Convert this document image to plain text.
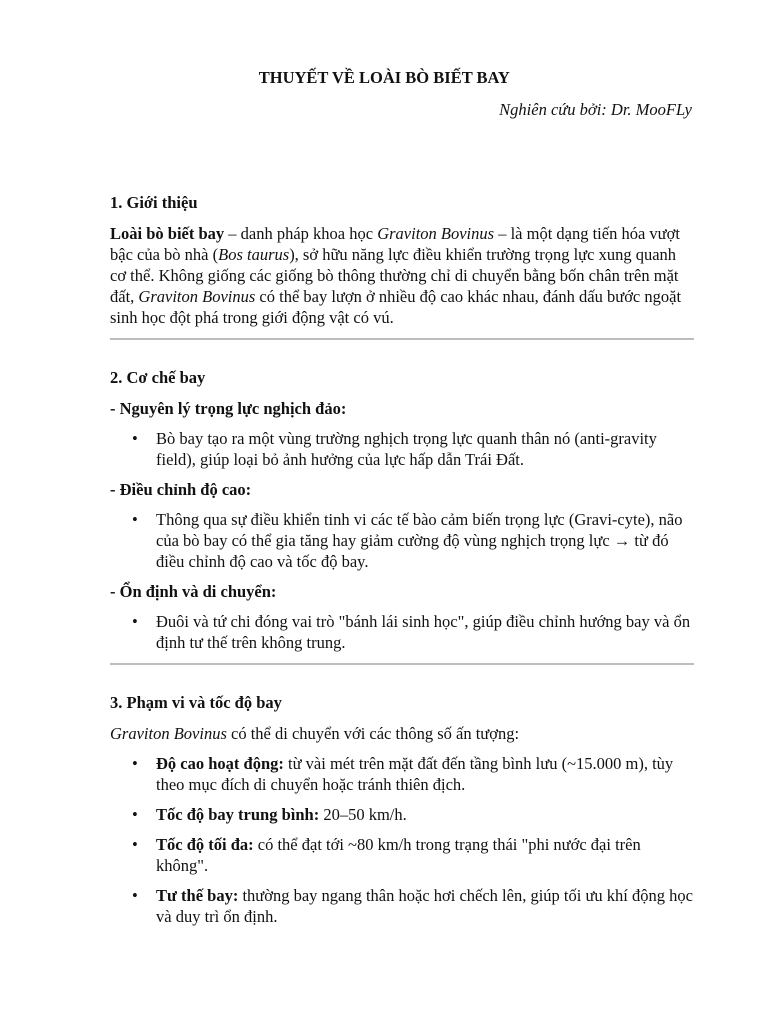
THUYẾT VỀ LOÀI BÒ BIẾT BAY
Nghiên cứu bởi: Dr. MooFLy
1. Giới thiệu

Loài bò biết bay – danh pháp khoa học Graviton Bovinus – là một dạng tiến hóa vượt bậc của bò nhà (Bos taurus), sở hữu năng lực điều khiển trường trọng lực xung quanh cơ thể. Không giống các giống bò thông thường chỉ di chuyển bằng bốn chân trên mặt đất, Graviton Bovinus có thể bay lượn ở nhiều độ cao khác nhau, đánh dấu bước ngoặt sinh học đột phá trong giới động vật có vú.

2. Cơ chế bay
- Nguyên lý trọng lực nghịch đảo:
• Bò bay tạo ra một vùng trường nghịch trọng lực quanh thân nó (anti-gravity field), giúp loại bỏ ảnh hưởng của lực hấp dẫn Trái Đất.
- Điều chỉnh độ cao:
• Thông qua sự điều khiển tinh vi các tế bào cảm biến trọng lực (Gravi-cyte), não của bò bay có thể gia tăng hay giảm cường độ vùng nghịch trọng lực → từ đó điều chỉnh độ cao và tốc độ bay.
- Ổn định và di chuyển:
• Đuôi và tứ chi đóng vai trò "bánh lái sinh học", giúp điều chỉnh hướng bay và ổn định tư thế trên không trung.
3. Phạm vi và tốc độ bay

Graviton Bovinus có thể di chuyển với các thông số ấn tượng:

• Độ cao hoạt động: từ vài mét trên mặt đất đến tầng bình lưu (~15.000 m), tùy theo mục đích di chuyển hoặc tránh thiên địch.
• Tốc độ bay trung bình: 20–50 km/h.
• Tốc độ tối đa: có thể đạt tới ~80 km/h trong trạng thái "phi nước đại trên không".
• Tư thế bay: thường bay ngang thân hoặc hơi chếch lên, giúp tối ưu khí động học và duy trì ổn định.
